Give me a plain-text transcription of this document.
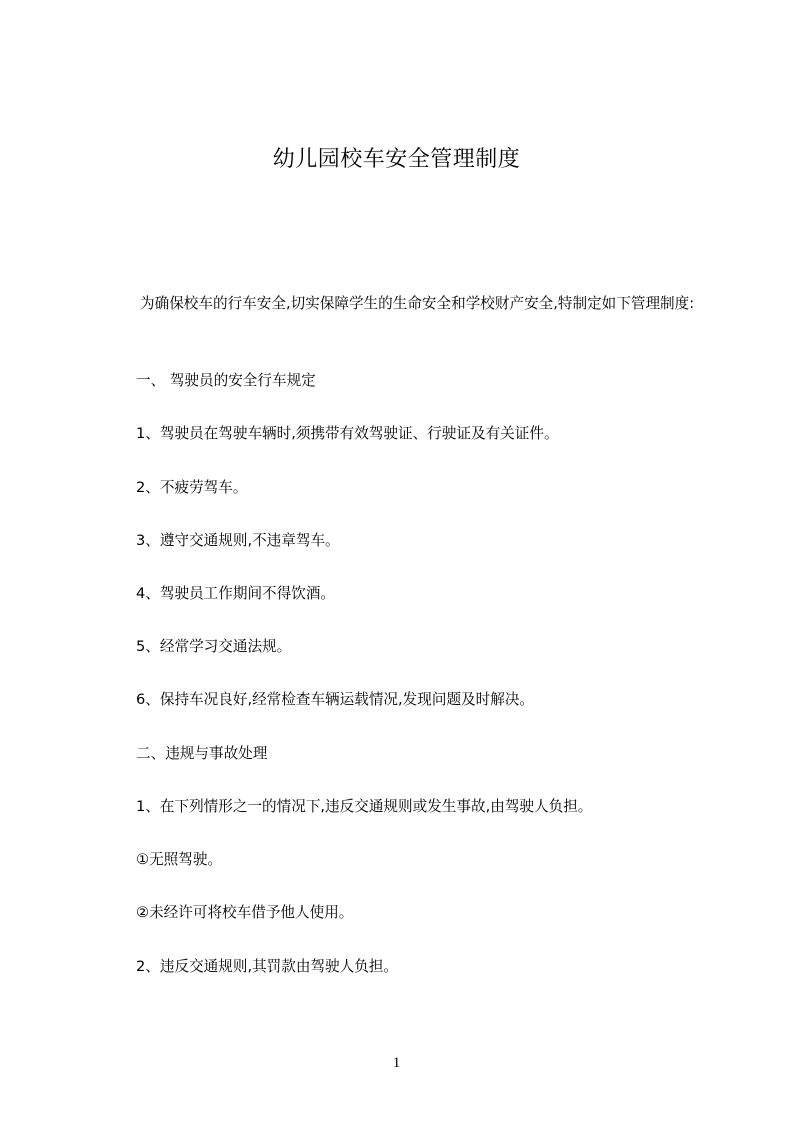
幼儿园校车安全管理制度
为确保校车的行车安全,切实保障学生的生命安全和学校财产安全,特制定如下管理制度:
一、 驾驶员的安全行车规定
1、驾驶员在驾驶车辆时,须携带有效驾驶证、行驶证及有关证件。
2、不疲劳驾车。
3、遵守交通规则,不违章驾车。
4、驾驶员工作期间不得饮酒。
5、经常学习交通法规。
6、保持车况良好,经常检查车辆运载情况,发现问题及时解决。
二、违规与事故处理
1、在下列情形之一的情况下,违反交通规则或发生事故,由驾驶人负担。
①无照驾驶。
②未经许可将校车借予他人使用。
2、违反交通规则,其罚款由驾驶人负担。
1
